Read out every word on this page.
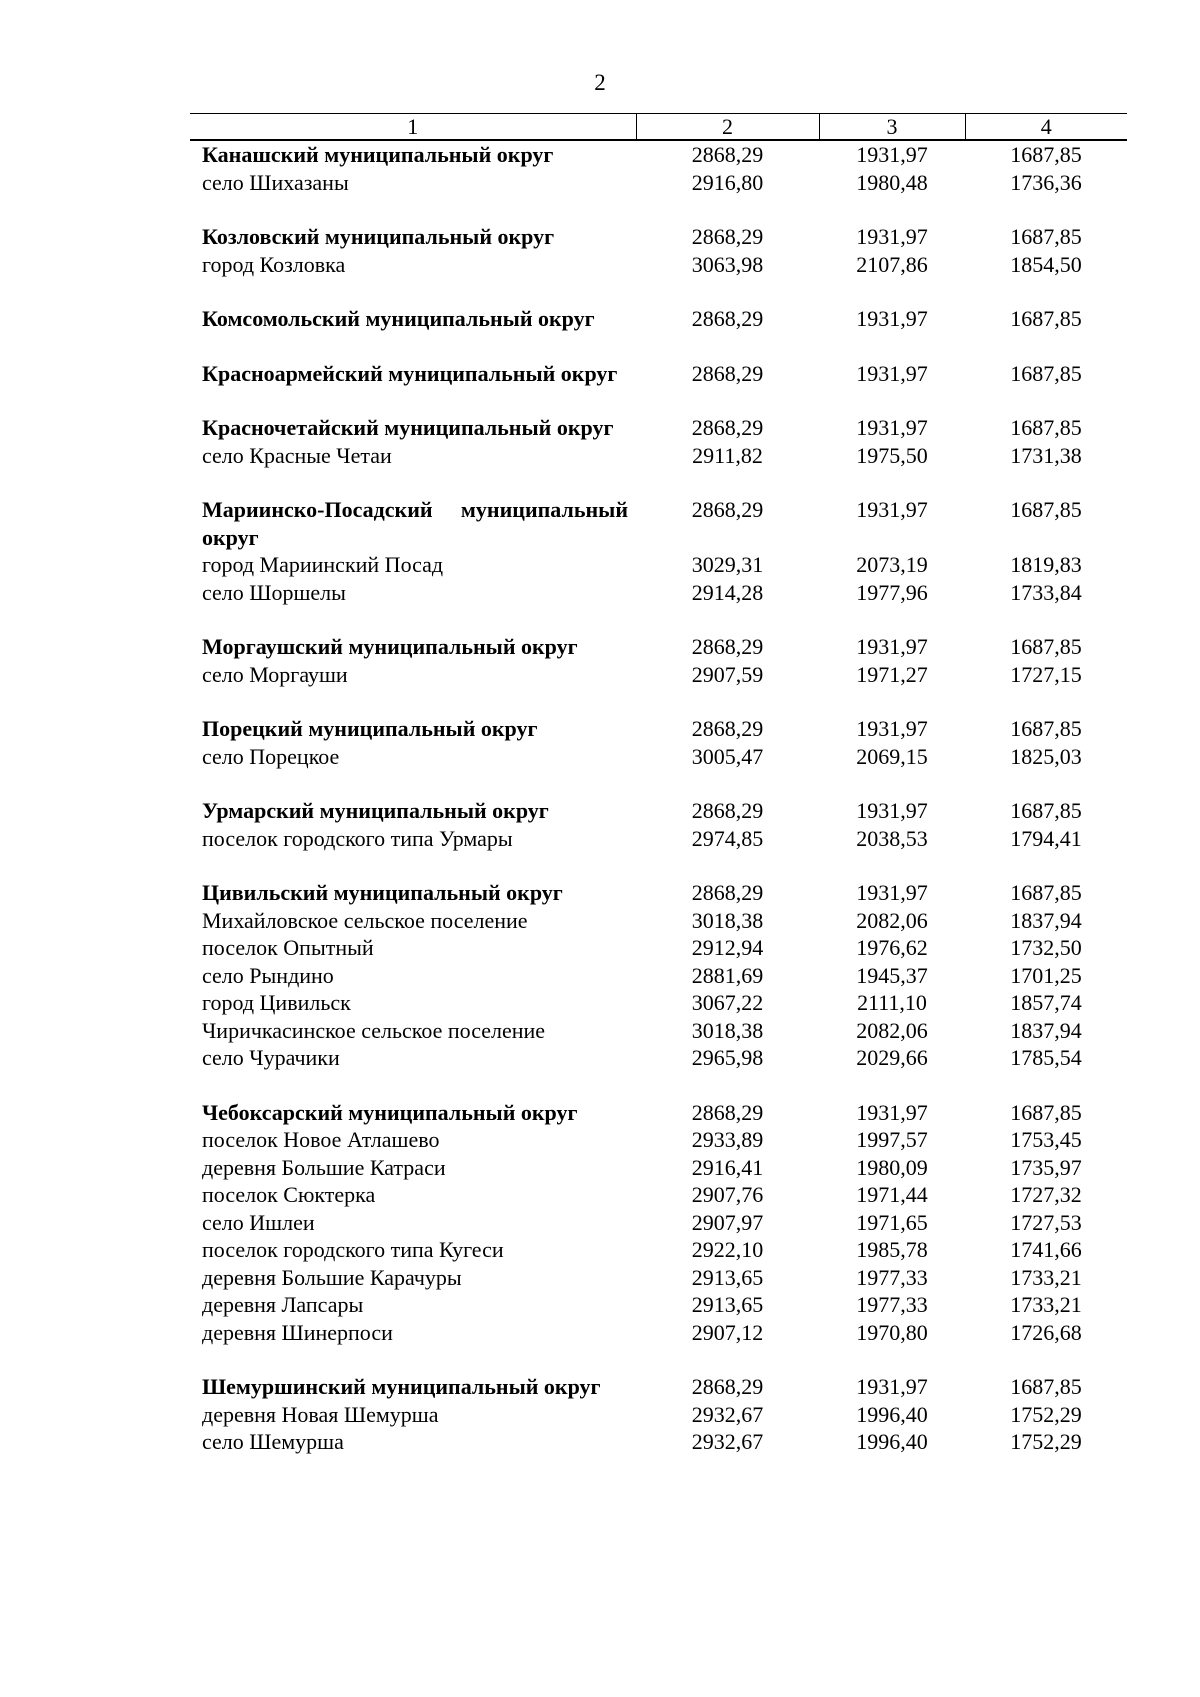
2
1	2	3	4
Канашский муниципальный округ	2868,29	1931,97	1687,85
село Шихазаны	2916,80	1980,48	1736,36
Козловский муниципальный округ	2868,29	1931,97	1687,85
город Козловка	3063,98	2107,86	1854,50
Комсомольский муниципальный округ	2868,29	1931,97	1687,85
Красноармейский муниципальный округ	2868,29	1931,97	1687,85
Красночетайский муниципальный округ	2868,29	1931,97	1687,85
село Красные Четаи	2911,82	1975,50	1731,38
Мариинско-Посадский муниципальный округ	2868,29	1931,97	1687,85
город Мариинский Посад	3029,31	2073,19	1819,83
село Шоршелы	2914,28	1977,96	1733,84
Моргаушский муниципальный округ	2868,29	1931,97	1687,85
село Моргауши	2907,59	1971,27	1727,15
Порецкий муниципальный округ	2868,29	1931,97	1687,85
село Порецкое	3005,47	2069,15	1825,03
Урмарский муниципальный округ	2868,29	1931,97	1687,85
поселок городского типа Урмары	2974,85	2038,53	1794,41
Цивильский муниципальный округ	2868,29	1931,97	1687,85
Михайловское сельское поселение	3018,38	2082,06	1837,94
поселок Опытный	2912,94	1976,62	1732,50
село Рындино	2881,69	1945,37	1701,25
город Цивильск	3067,22	2111,10	1857,74
Чиричкасинское сельское поселение	3018,38	2082,06	1837,94
село Чурачики	2965,98	2029,66	1785,54
Чебоксарский муниципальный округ	2868,29	1931,97	1687,85
поселок Новое Атлашево	2933,89	1997,57	1753,45
деревня Большие Катраси	2916,41	1980,09	1735,97
поселок Сюктерка	2907,76	1971,44	1727,32
село Ишлеи	2907,97	1971,65	1727,53
поселок городского типа Кугеси	2922,10	1985,78	1741,66
деревня Большие Карачуры	2913,65	1977,33	1733,21
деревня Лапсары	2913,65	1977,33	1733,21
деревня Шинерпоси	2907,12	1970,80	1726,68
Шемуршинский муниципальный округ	2868,29	1931,97	1687,85
деревня Новая Шемурша	2932,67	1996,40	1752,29
село Шемурша	2932,67	1996,40	1752,29
